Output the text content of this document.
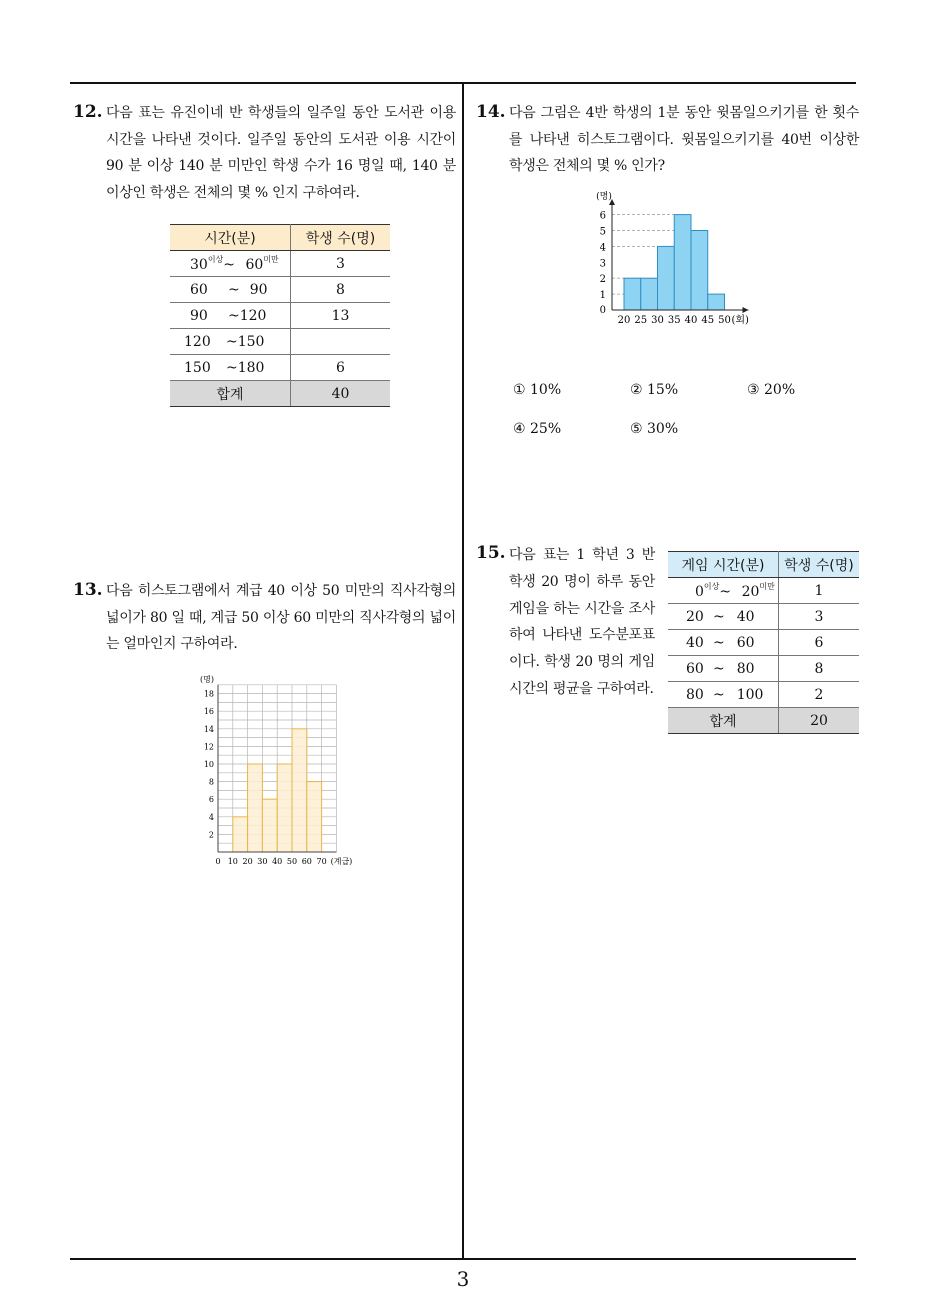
12. 다음 표는 유진이네 반 학생들의 일주일 동안 도서관 이용 시간을 나타낸 것이다. 일주일 동안의 도서관 이용 시간이 90 분 이상 140 분 미만인 학생 수가 16 명일 때, 140 분 이상인 학생은 전체의 몇 % 인지 구하여라.
시간(분)	학생 수(명)
$30^{이상}\sim$ $60^{미만}$	3
60 ~ 90	8
90 ~120	13
120 ~150	
150 ~180	6
합계	40
13. 다음 히스토그램에서 계급 40 이상 50 미만의 직사각형의 넓이가 80 일 때, 계급 50 이상 60 미만의 직사각형의 넓이는 얼마인지 구하여라.
2
4
6
8
10
12
14
16
18
(명)
0 10 20 30 40 50 60 70 (계급)
14. 다음 그림은 4반 학생의 1분 동안 윗몸일으키기를 한 횟수를 나타낸 히스토그램이다. 윗몸일으키기를 40번 이상한 학생은 전체의 몇 % 인가?
0
1
2
3
4
5
6
(명)
20 25 30 35 40 45 50 (회)
① 10%	② 15%	③ 20%
④ 25%	⑤ 30%
15. 다음 표는 1 학년 3 반 학생 20 명이 하루 동안 게임을 하는 시간을 조사하여 나타낸 도수분포표이다. 학생 20 명의 게임시간의 평균을 구하여라.
게임 시간(분)	학생 수(명)
$0^{이상}\sim$ $20^{미만}$	1
20 ~ 40	3
40 ~ 60	6
60 ~ 80	8
80 ~ 100	2
합계	20
3
